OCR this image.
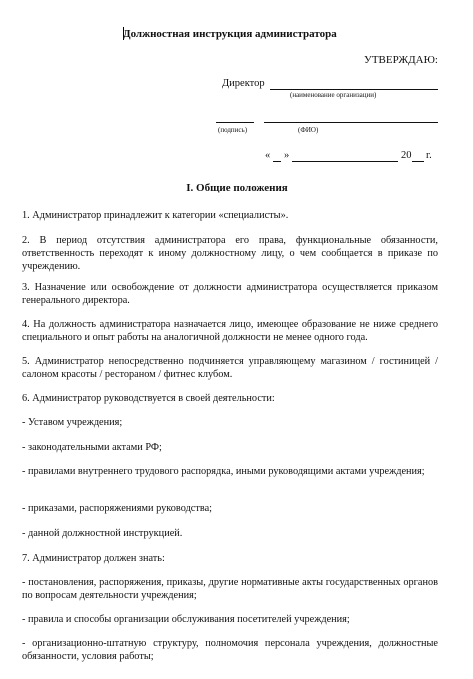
Должностная инструкция администратора
УТВЕРЖДАЮ:
Директор
(наименование организации)
(подпись)	(ФИО)
« »	20 г.
I. Общие положения

1. Администратор принадлежит к категории «специалисты».

2. В период отсутствия администратора его права, функциональные обязанности, ответственность переходят к иному должностному лицу, о чем сообщается в приказе по учреждению.

3. Назначение или освобождение от должности администратора осуществляется приказом генерального директора.

4. На должность администратора назначается лицо, имеющее образование не ниже среднего специального и опыт работы на аналогичной должности не менее одного года.

5. Администратор непосредственно подчиняется управляющему магазином / гостиницей / салоном красоты / рестораном / фитнес клубом.

6. Администратор руководствуется в своей деятельности:

- Уставом учреждения;

- законодательными актами РФ;

- правилами внутреннего трудового распорядка, иными руководящими актами учреждения;

- приказами, распоряжениями руководства;

- данной должностной инструкцией.

7. Администратор должен знать:

- постановления, распоряжения, приказы, другие нормативные акты государственных органов по вопросам деятельности учреждения;

- правила и способы организации обслуживания посетителей учреждения;

- организационно-штатную структуру, полномочия персонала учреждения, должностные обязанности, условия работы;
